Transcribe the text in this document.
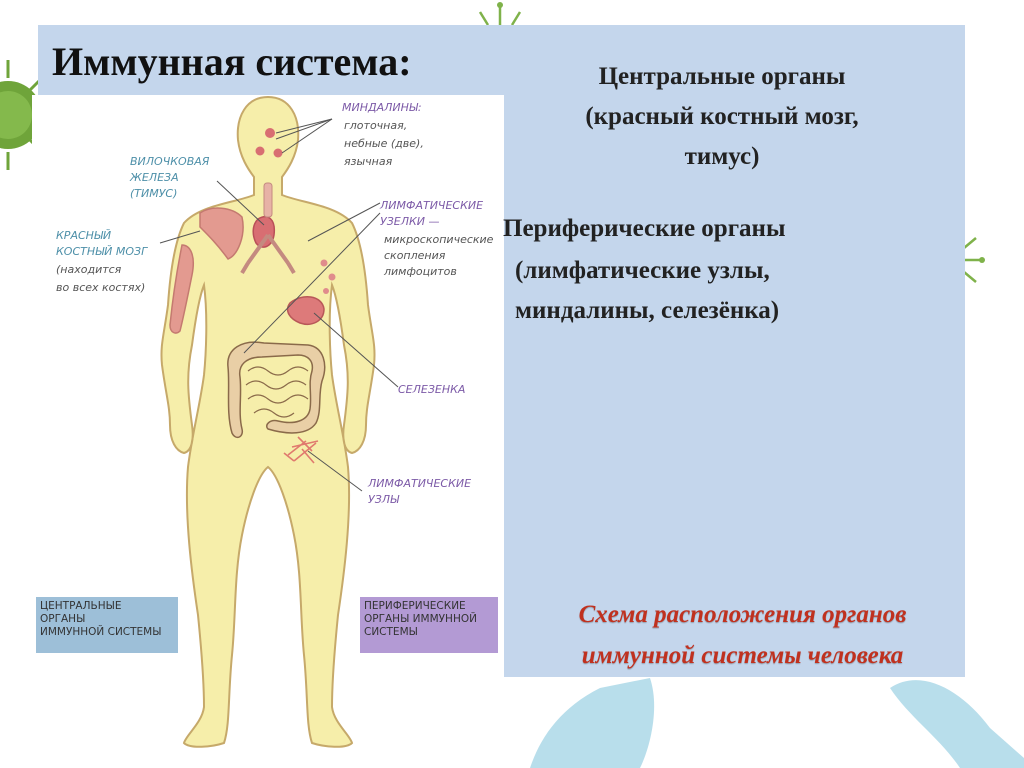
Иммунная система:
МИНДАЛИНЫ:
глоточная,
небные (две),
язычная
ВИЛОЧКОВАЯ
ЖЕЛЕЗА
(ТИМУС)
КРАСНЫЙ
КОСТНЫЙ МОЗГ
(находится
во всех костях)
ЛИМФАТИЧЕСКИЕ
УЗЕЛКИ —
микроскопические
скопления
лимфоцитов
СЕЛЕЗЕНКА
ЛИМФАТИЧЕСКИЕ
УЗЛЫ
ЦЕНТРАЛЬНЫЕ
ОРГАНЫ
ИММУННОЙ СИСТЕМЫ
ПЕРИФЕРИЧЕСКИЕ
ОРГАНЫ ИММУННОЙ
СИСТЕМЫ
Центральные органы
(красный костный мозг,
тимус)
Периферические органы
(лимфатические узлы,
миндалины, селезёнка)
Схема расположения органов
иммунной системы человека
